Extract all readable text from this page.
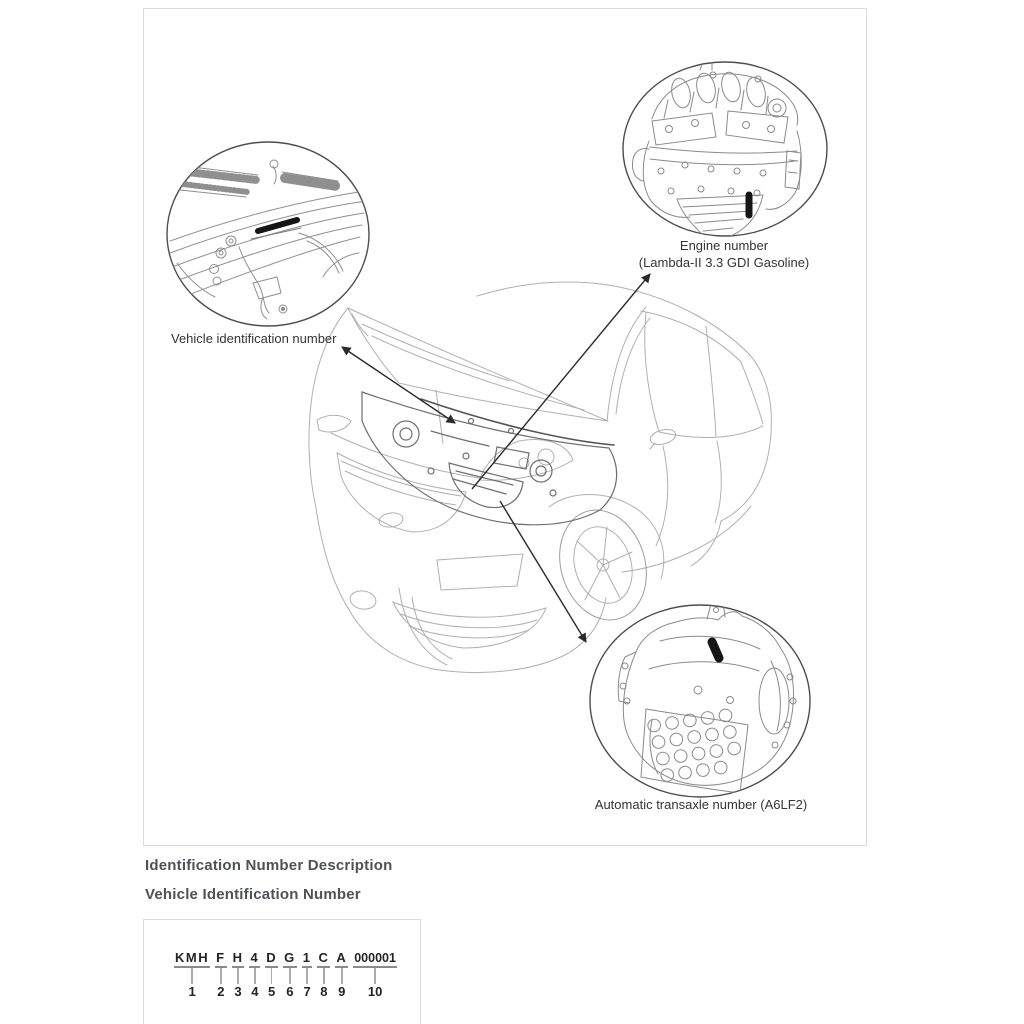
Vehicle identification number
Engine number
(Lambda-II 3.3 GDI Gasoline)
Automatic transaxle number (A6LF2)
Identification Number Description
Vehicle Identification Number
KMH
1
F
2
H
3
4
4
D
5
G
6
1
7
C
8
A
9
000001
10
